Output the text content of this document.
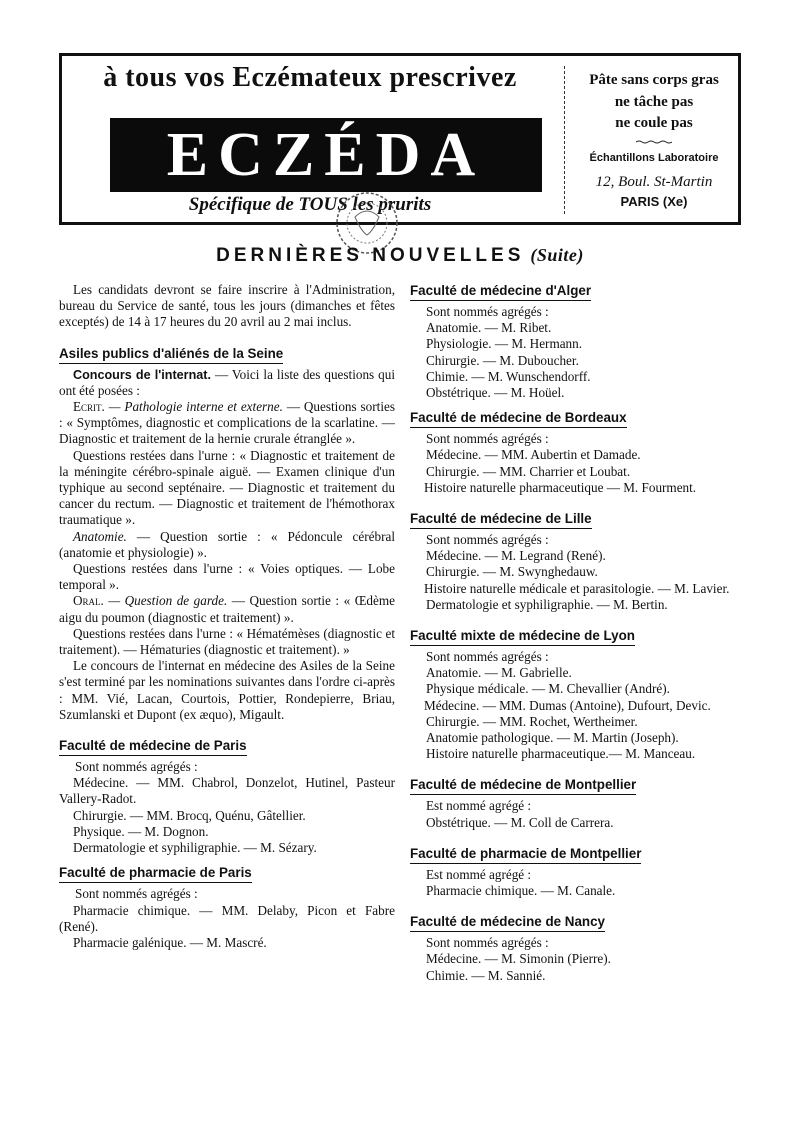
à tous vos Eczémateux prescrivez
ECZÉDA
Spécifique de TOUS les prurits
Pâte sans corps gras
ne tâche pas
ne coule pas
Échantillons Laboratoire
12, Boul. St-Martin
PARIS (Xe)
DERNIÈRES NOUVELLES (Suite)

Les candidats devront se faire inscrire à l'Administration, bureau du Service de santé, tous les jours (dimanches et fêtes exceptés) de 14 à 17 heures du 20 avril au 2 mai inclus.

Asiles publics d'aliénés de la Seine

Concours de l'internat. — Voici la liste des questions qui ont été posées :

Ecrit. — Pathologie interne et externe. — Questions sorties : « Symptômes, diagnostic et complications de la scarlatine. — Diagnostic et traitement de la hernie crurale étranglée ».

Questions restées dans l'urne : « Diagnostic et traitement de la méningite cérébro-spinale aiguë. — Examen clinique d'un typhique au second septénaire. — Diagnostic et traitement du cancer du rectum. — Diagnostic et traitement de l'hémothorax traumatique ».

Anatomie. — Question sortie : « Pédoncule cérébral (anatomie et physiologie) ».

Questions restées dans l'urne : « Voies optiques. — Lobe temporal ».

Oral. — Question de garde. — Question sortie : « Œdème aigu du poumon (diagnostic et traitement) ».

Questions restées dans l'urne : « Hématémèses (diagnostic et traitement). — Hématuries (diagnostic et traitement). »

Le concours de l'internat en médecine des Asiles de la Seine s'est terminé par les nominations suivantes dans l'ordre ci-après : MM. Vié, Lacan, Courtois, Pottier, Rondepierre, Briau, Szumlanski et Dupont (ex æquo), Migault.

Faculté de médecine de Paris

Sont nommés agrégés :

Médecine. — MM. Chabrol, Donzelot, Hutinel, Pasteur Vallery-Radot.

Chirurgie. — MM. Brocq, Quénu, Gâtellier.

Physique. — M. Dognon.

Dermatologie et syphiligraphie. — M. Sézary.

Faculté de pharmacie de Paris

Sont nommés agrégés :

Pharmacie chimique. — MM. Delaby, Picon et Fabre (René).

Pharmacie galénique. — M. Mascré.

Faculté de médecine d'Alger

Sont nommés agrégés :

Anatomie. — M. Ribet.

Physiologie. — M. Hermann.

Chirurgie. — M. Duboucher.

Chimie. — M. Wunschendorff.

Obstétrique. — M. Hoüel.

Faculté de médecine de Bordeaux

Sont nommés agrégés :

Médecine. — MM. Aubertin et Damade.

Chirurgie. — MM. Charrier et Loubat.

Histoire naturelle pharmaceutique — M. Fourment.

Faculté de médecine de Lille

Sont nommés agrégés :

Médecine. — M. Legrand (René).

Chirurgie. — M. Swynghedauw.

Histoire naturelle médicale et parasitologie. — M. Lavier.

Dermatologie et syphiligraphie. — M. Bertin.

Faculté mixte de médecine de Lyon

Sont nommés agrégés :

Anatomie. — M. Gabrielle.

Physique médicale. — M. Chevallier (André).

Médecine. — MM. Dumas (Antoine), Dufourt, Devic.

Chirurgie. — MM. Rochet, Wertheimer.

Anatomie pathologique. — M. Martin (Joseph).

Histoire naturelle pharmaceutique.— M. Manceau.

Faculté de médecine de Montpellier

Est nommé agrégé :

Obstétrique. — M. Coll de Carrera.

Faculté de pharmacie de Montpellier

Est nommé agrégé :

Pharmacie chimique. — M. Canale.

Faculté de médecine de Nancy

Sont nommés agrégés :

Médecine. — M. Simonin (Pierre).

Chimie. — M. Sannié.
